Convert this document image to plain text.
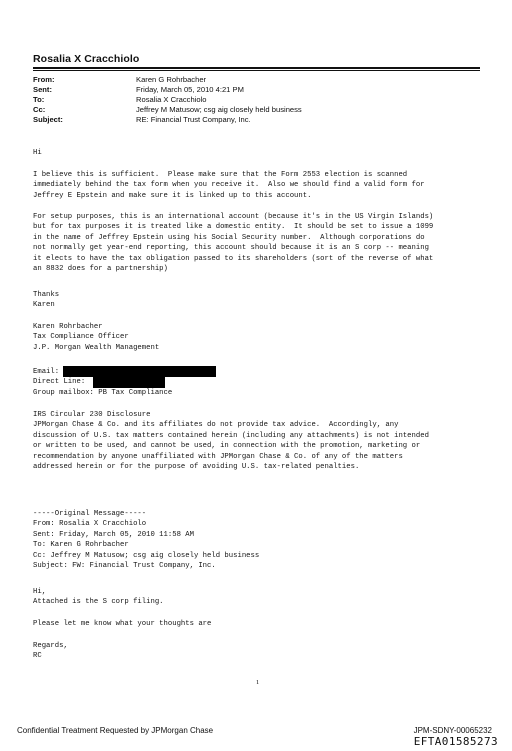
Rosalia X Cracchiolo
From:	Karen G Rohrbacher
Sent:	Friday, March 05, 2010 4:21 PM
To:	Rosalia X Cracchiolo
Cc:	Jeffrey M Matusow; csg aig closely held business
Subject:	RE: Financial Trust Company, Inc.
Hi
I believe this is sufficient.  Please make sure that the Form 2553 election is scanned
immediately behind the tax form when you receive it.  Also we should find a valid form for
Jeffrey E Epstein and make sure it is linked up to this account.
For setup purposes, this is an international account (because it's in the US Virgin Islands)
but for tax purposes it is treated like a domestic entity.  It should be set to issue a 1099
in the name of Jeffrey Epstein using his Social Security number.  Although corporations do
not normally get year-end reporting, this account should because it is an S corp -- meaning
it elects to have the tax obligation passed to its shareholders (sort of the reverse of what
an 8832 does for a partnership)
Thanks
Karen
Karen Rohrbacher
Tax Compliance Officer
J.P. Morgan Wealth Management
Email:
Direct Line:
Group mailbox: PB Tax Compliance
IRS Circular 230 Disclosure
JPMorgan Chase & Co. and its affiliates do not provide tax advice.  Accordingly, any
discussion of U.S. tax matters contained herein (including any attachments) is not intended
or written to be used, and cannot be used, in connection with the promotion, marketing or
recommendation by anyone unaffiliated with JPMorgan Chase & Co. of any of the matters
addressed herein or for the purpose of avoiding U.S. tax-related penalties.
-----Original Message-----
From: Rosalia X Cracchiolo
Sent: Friday, March 05, 2010 11:58 AM
To: Karen G Rohrbacher
Cc: Jeffrey M Matusow; csg aig closely held business
Subject: FW: Financial Trust Company, Inc.
Hi,
Attached is the S corp filing.
Please let me know what your thoughts are
Regards,
RC
1
Confidential Treatment Requested by JPMorgan Chase	JPM-SDNY-00065232
EFTA01585273
